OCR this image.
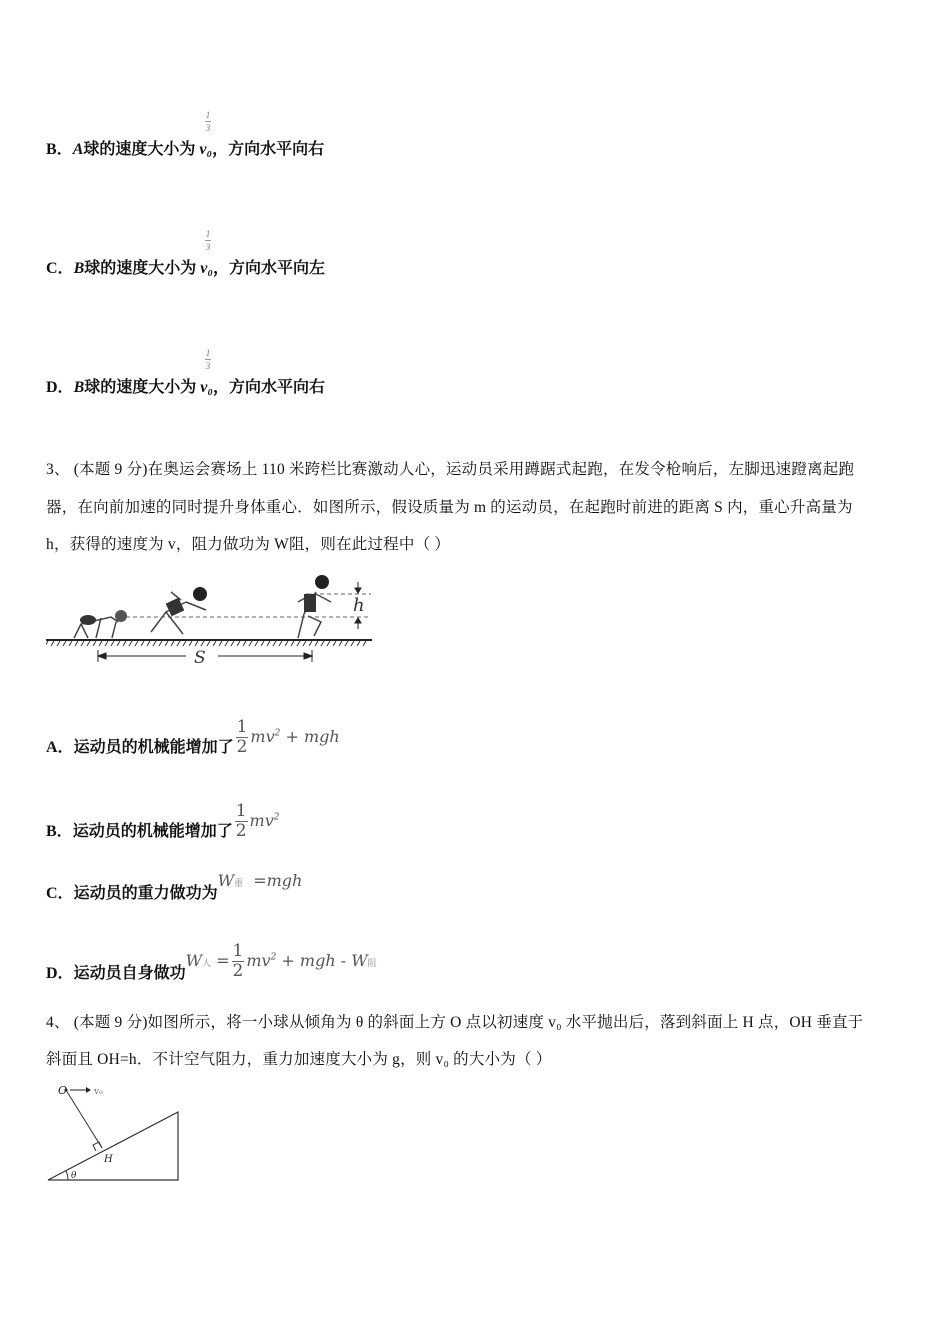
1
3
B．A球的速度大小为 v₀，方向水平向右
1
3
C．B球的速度大小为 v₀，方向水平向左
1
3
D．B球的速度大小为 v₀，方向水平向右
3、 (本题 9 分)在奥运会赛场上 110 米跨栏比赛激动人心，运动员采用蹲踞式起跑，在发令枪响后，左脚迅速蹬离起跑
器，在向前加速的同时提升身体重心．如图所示，假设质量为 m 的运动员，在起跑时前进的距离 S 内，重心升高量为
h，获得的速度为 v，阻力做功为 W阻，则在此过程中（ ）
h
S
A．运动员的机械能增加了 $\frac{1}{2} mv^2$ + mgh
B．运动员的机械能增加了 $\frac{1}{2} mv^2$
C．运动员的重力做功为W重 =mgh
D．运动员自身做功W人 = $\frac{1}{2} mv^2$ + mgh - W阻
4、 (本题 9 分)如图所示，将一小球从倾角为 θ 的斜面上方 O 点以初速度 v₀ 水平抛出后，落到斜面上 H 点，OH 垂直于
斜面且 OH=h．不计空气阻力，重力加速度大小为 g，则 v₀ 的大小为（ ）
O	v₀
H
θ
